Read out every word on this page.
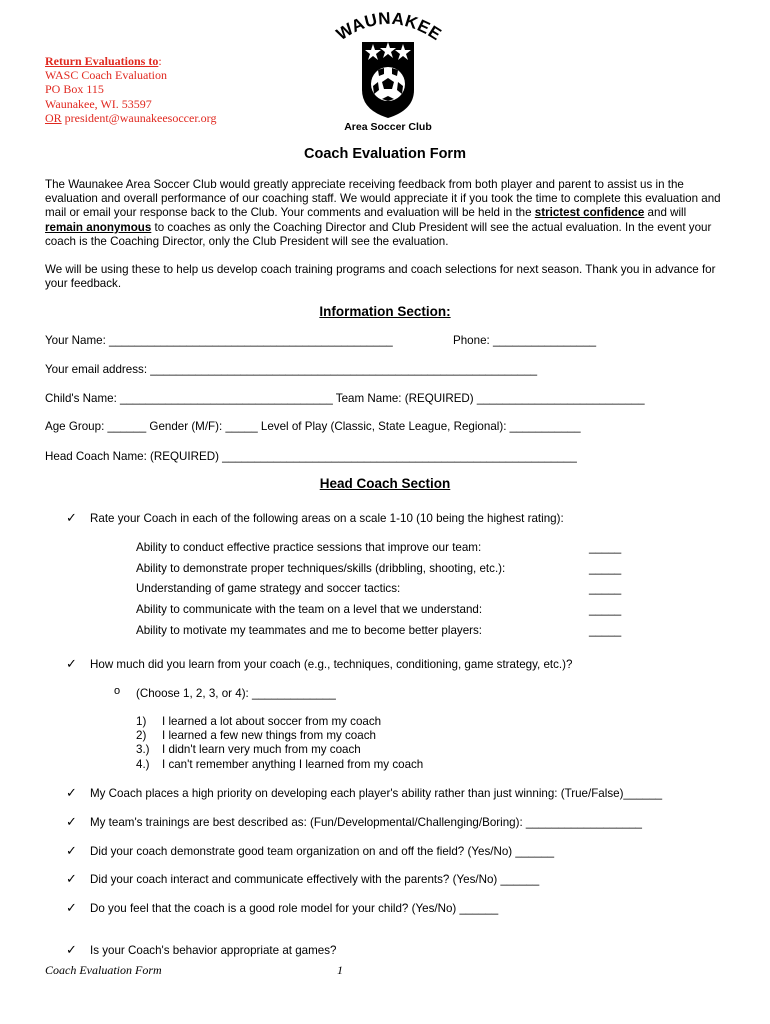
Return Evaluations to:
WASC Coach Evaluation
PO Box 115
Waunakee, WI. 53597
OR president@waunakeesoccer.org
WAUNAKEE
Area Soccer Club
Coach Evaluation Form
The Waunakee Area Soccer Club would greatly appreciate receiving feedback from both player and parent to assist us in the evaluation and overall performance of our coaching staff. We would appreciate it if you took the time to complete this evaluation and mail or email your response back to the Club. Your comments and evaluation will be held in the strictest confidence and will remain anonymous to coaches as only the Coaching Director and Club President will see the actual evaluation. In the event your coach is the Coaching Director, only the Club President will see the evaluation.
We will be using these to help us develop coach training programs and coach selections for next season. Thank you in advance for your feedback.
Information Section:
Your Name: ____________________________________________	Phone: ________________
Your email address: ____________________________________________________________
Child's Name: _________________________________ Team Name: (REQUIRED) __________________________
Age Group: ______ Gender (M/F): _____ Level of Play (Classic, State League, Regional): ___________
Head Coach Name: (REQUIRED) _______________________________________________________
Head Coach Section
✓ Rate your Coach in each of the following areas on a scale 1-10 (10 being the highest rating):
Ability to conduct effective practice sessions that improve our team:	_____
Ability to demonstrate proper techniques/skills (dribbling, shooting, etc.):	_____
Understanding of game strategy and soccer tactics:	_____
Ability to communicate with the team on a level that we understand:	_____
Ability to motivate my teammates and me to become better players:	_____
✓ How much did you learn from your coach (e.g., techniques, conditioning, game strategy, etc.)?
o (Choose 1, 2, 3, or 4): _____________
1) I learned a lot about soccer from my coach
2) I learned a few new things from my coach
3.) I didn't learn very much from my coach
4.) I can't remember anything I learned from my coach
✓ My Coach places a high priority on developing each player's ability rather than just winning: (True/False)______
✓ My team's trainings are best described as: (Fun/Developmental/Challenging/Boring): __________________
✓ Did your coach demonstrate good team organization on and off the field? (Yes/No) ______
✓ Did your coach interact and communicate effectively with the parents? (Yes/No) ______
✓ Do you feel that the coach is a good role model for your child? (Yes/No) ______
✓ Is your Coach's behavior appropriate at games?
Coach Evaluation Form	1
